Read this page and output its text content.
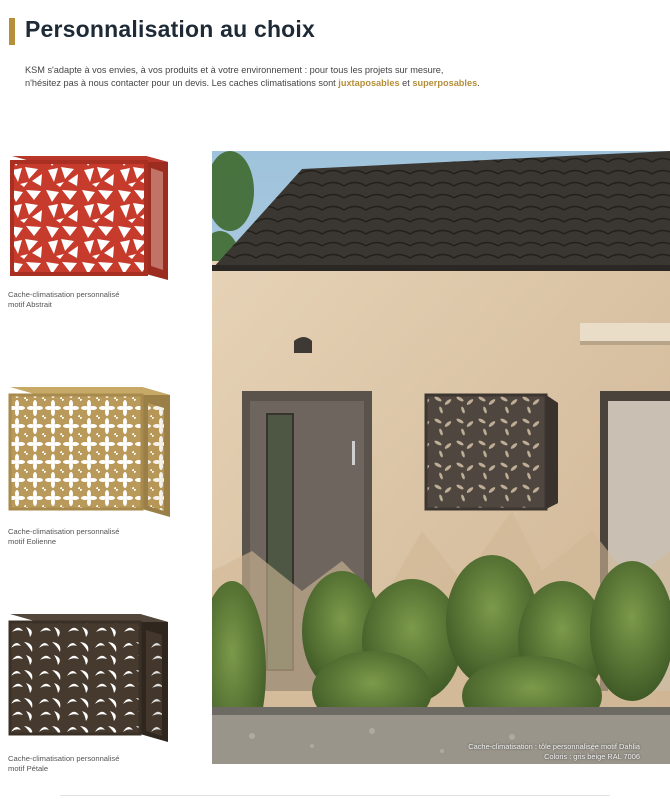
Personnalisation au choix

KSM s'adapte à vos envies, à vos produits et à votre environnement : pour tous les projets sur mesure,
n'hésitez pas à nous contacter pour un devis. Les caches climatisations sont juxtaposables et superposables.

Cache-climatisation personnalisé
motif Abstrait
Cache-climatisation personnalisé
motif Eolienne
Cache-climatisation personnalisé
motif Pétale
Cache-climatisation : tôle personnalisée motif Dahlia
Coloris : gris beige RAL 7006
